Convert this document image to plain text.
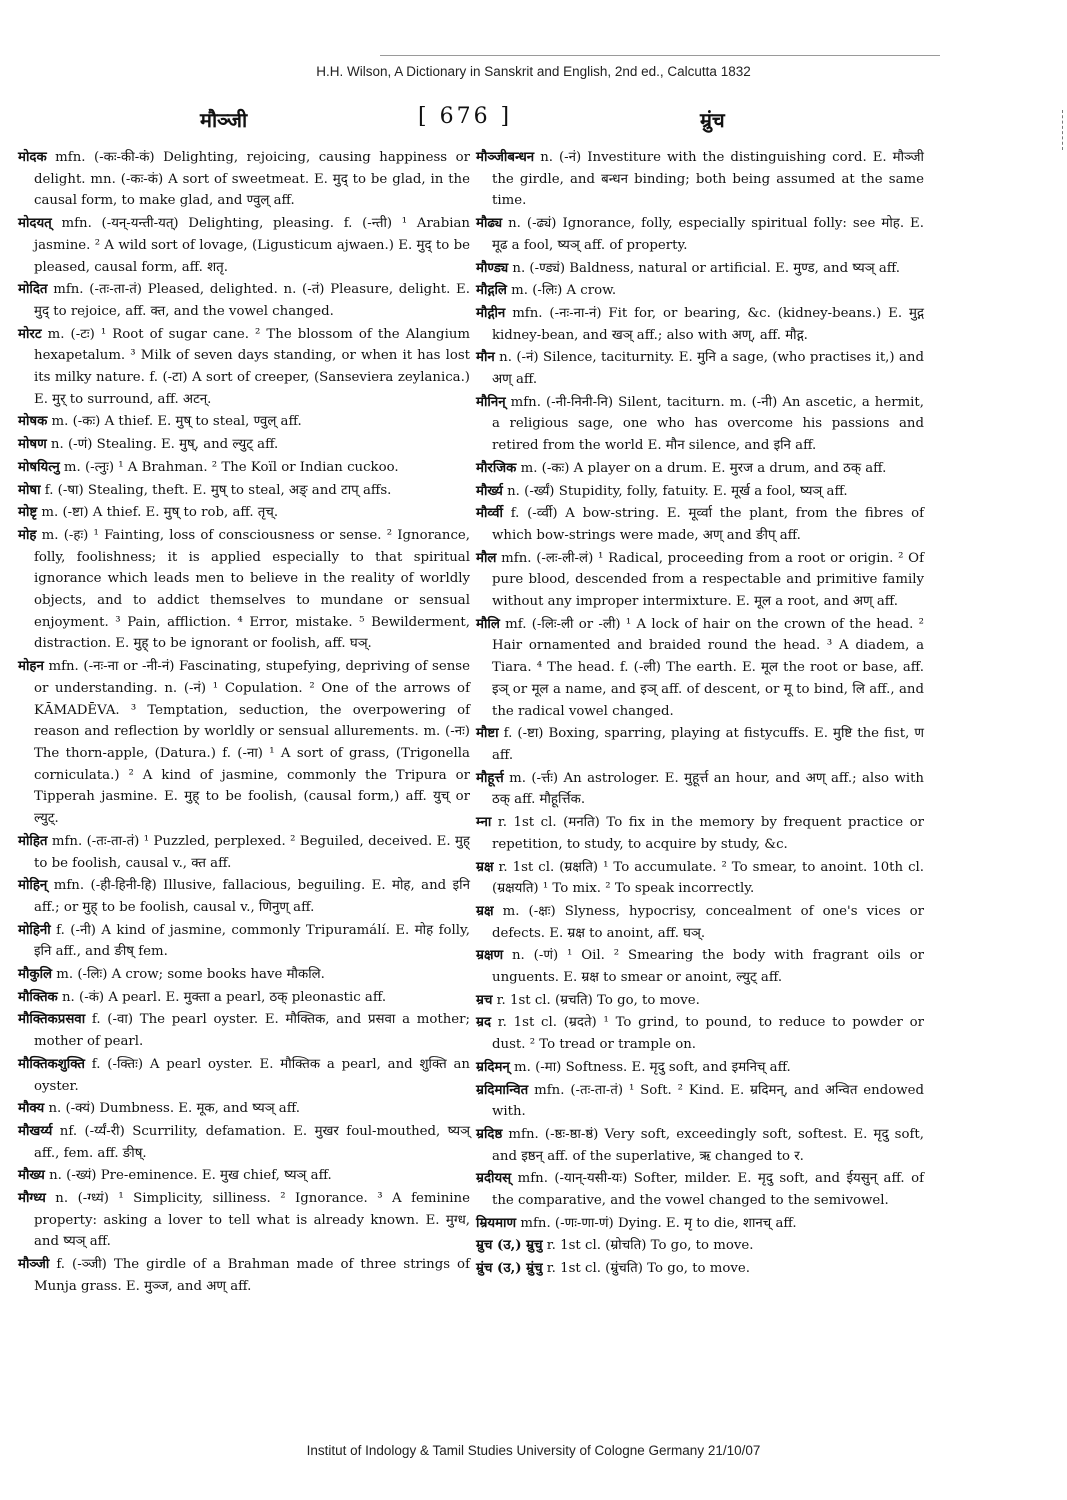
H.H. Wilson, A Dictionary in Sanskrit and English, 2nd ed., Calcutta 1832
मौञ्जी	[ 676 ]	म्रुंच

मोदक mfn. (-कः-की-कं) Delighting, rejoicing, causing happiness or delight. mn. (-कः-कं) A sort of sweetmeat. E. मुद् to be glad, in the causal form, to make glad, and ण्वुल् aff.

मोदयत् mfn. (-यन्-यन्ती-यत्) Delighting, pleasing. f. (-न्ती) ¹ Arabian jasmine. ² A wild sort of lovage, (Ligusticum ajwaen.) E. मुद् to be pleased, causal form, aff. शतृ.

मोदित mfn. (-तः-ता-तं) Pleased, delighted. n. (-तं) Pleasure, delight. E. मुद् to rejoice, aff. क्त, and the vowel changed.

मोरट m. (-टः) ¹ Root of sugar cane. ² The blossom of the Alangium hexapetalum. ³ Milk of seven days standing, or when it has lost its milky nature. f. (-टा) A sort of creeper, (Sanseviera zeylanica.) E. मुर् to surround, aff. अटन्.

मोषक m. (-कः) A thief. E. मुष् to steal, ण्वुल् aff.

मोषण n. (-णं) Stealing. E. मुष्, and ल्युट् aff.

मोषयित्नु m. (-त्नुः) ¹ A Brahman. ² The Koïl or Indian cuckoo.

मोषा f. (-षा) Stealing, theft. E. मुष् to steal, अङ् and टाप् affs.

मोष्टृ m. (-ष्टा) A thief. E. मुष् to rob, aff. तृच्.

मोह m. (-हः) ¹ Fainting, loss of consciousness or sense. ² Ignorance, folly, foolishness; it is applied especially to that spiritual ignorance which leads men to believe in the reality of worldly objects, and to addict themselves to mundane or sensual enjoyment. ³ Pain, affliction. ⁴ Error, mistake. ⁵ Bewilderment, distraction. E. मुह् to be ignorant or foolish, aff. घञ्.

मोहन mfn. (-नः-ना or -नी-नं) Fascinating, stupefying, depriving of sense or understanding. n. (-नं) ¹ Copulation. ² One of the arrows of KĀMADĒVA. ³ Temptation, seduction, the overpowering of reason and reflection by worldly or sensual allurements. m. (-नः) The thorn-apple, (Datura.) f. (-ना) ¹ A sort of grass, (Trigonella corniculata.) ² A kind of jasmine, commonly the Tripura or Tipperah jasmine. E. मुह् to be foolish, (causal form,) aff. युच् or ल्युट्.

मोहित mfn. (-तः-ता-तं) ¹ Puzzled, perplexed. ² Beguiled, deceived. E. मुह् to be foolish, causal v., क्त aff.

मोहिन् mfn. (-ही-हिनी-हि) Illusive, fallacious, beguiling. E. मोह, and इनि aff.; or मुह् to be foolish, causal v., णिनुण् aff.

मोहिनी f. (-नी) A kind of jasmine, commonly Tripuramálí. E. मोह folly, इनि aff., and ङीष् fem.

मौकुलि m. (-लिः) A crow; some books have मौकलि.

मौक्तिक n. (-कं) A pearl. E. मुक्ता a pearl, ठक् pleonastic aff.

मौक्तिकप्रसवा f. (-वा) The pearl oyster. E. मौक्तिक, and प्रसवा a mother; mother of pearl.

मौक्तिकशुक्ति f. (-क्तिः) A pearl oyster. E. मौक्तिक a pearl, and शुक्ति an oyster.

मौक्य n. (-क्यं) Dumbness. E. मूक, and ष्यञ् aff.

मौखर्य्य nf. (-र्य्यं-री) Scurrility, defamation. E. मुखर foul-mouthed, ष्यञ् aff., fem. aff. ङीष्.

मौख्य n. (-ख्यं) Pre-eminence. E. मुख chief, ष्यञ् aff.

मौग्ध्य n. (-ग्ध्यं) ¹ Simplicity, silliness. ² Ignorance. ³ A feminine property: asking a lover to tell what is already known. E. मुग्ध, and ष्यञ् aff.

मौञ्जी f. (-ञ्जी) The girdle of a Brahman made of three strings of Munja grass. E. मुञ्ज, and अण् aff.

मौञ्जीबन्धन n. (-नं) Investiture with the distinguishing cord. E. मौञ्जी the girdle, and बन्धन binding; both being assumed at the same time.

मौढ्य n. (-ढ्यं) Ignorance, folly, especially spiritual folly: see मोह. E. मूढ a fool, ष्यञ् aff. of property.

मौण्ड्य n. (-ण्ड्यं) Baldness, natural or artificial. E. मुण्ड, and ष्यञ् aff.

मौद्गलि m. (-लिः) A crow.

मौद्गीन mfn. (-नः-ना-नं) Fit for, or bearing, &c. (kidney-beans.) E. मुद्ग kidney-bean, and खञ् aff.; also with अण्, aff. मौद्ग.

मौन n. (-नं) Silence, taciturnity. E. मुनि a sage, (who practises it,) and अण् aff.

मौनिन् mfn. (-नी-निनी-नि) Silent, taciturn. m. (-नी) An ascetic, a hermit, a religious sage, one who has overcome his passions and retired from the world E. मौन silence, and इनि aff.

मौरजिक m. (-कः) A player on a drum. E. मुरज a drum, and ठक् aff.

मौर्ख्य n. (-र्ख्यं) Stupidity, folly, fatuity. E. मूर्ख a fool, ष्यञ् aff.

मौर्व्वी f. (-र्व्वी) A bow-string. E. मूर्व्वा the plant, from the fibres of which bow-strings were made, अण् and ङीप् aff.

मौल mfn. (-लः-ली-लं) ¹ Radical, proceeding from a root or origin. ² Of pure blood, descended from a respectable and primitive family without any improper intermixture. E. मूल a root, and अण् aff.

मौलि mf. (-लिः-ली or -ली) ¹ A lock of hair on the crown of the head. ² Hair ornamented and braided round the head. ³ A diadem, a Tiara. ⁴ The head. f. (-ली) The earth. E. मूल the root or base, aff. इञ् or मूल a name, and इञ् aff. of descent, or मू to bind, लि aff., and the radical vowel changed.

मौष्टा f. (-ष्टा) Boxing, sparring, playing at fistycuffs. E. मुष्टि the fist, ण aff.

मौहूर्त्त m. (-र्त्तः) An astrologer. E. मुहूर्त्त an hour, and अण् aff.; also with ठक् aff. मौहूर्त्तिक.

म्ना r. 1st cl. (मनति) To fix in the memory by frequent practice or repetition, to study, to acquire by study, &c.

म्रक्ष r. 1st cl. (म्रक्षति) ¹ To accumulate. ² To smear, to anoint. 10th cl. (म्रक्षयति) ¹ To mix. ² To speak incorrectly.

म्रक्ष m. (-क्षः) Slyness, hypocrisy, concealment of one's vices or defects. E. म्रक्ष to anoint, aff. घञ्.

म्रक्षण n. (-णं) ¹ Oil. ² Smearing the body with fragrant oils or unguents. E. म्रक्ष to smear or anoint, ल्युट् aff.

म्रच r. 1st cl. (म्रचति) To go, to move.

म्रद r. 1st cl. (म्रदते) ¹ To grind, to pound, to reduce to powder or dust. ² To tread or trample on.

म्रदिमन् m. (-मा) Softness. E. मृदु soft, and इमनिच् aff.

म्रदिमान्वित mfn. (-तः-ता-तं) ¹ Soft. ² Kind. E. म्रदिमन्, and अन्वित endowed with.

म्रदिष्ठ mfn. (-ष्ठः-ष्ठा-ष्ठं) Very soft, exceedingly soft, softest. E. मृदु soft, and इष्ठन् aff. of the superlative, ऋ changed to र.

म्रदीयस् mfn. (-यान्-यसी-यः) Softer, milder. E. मृदु soft, and ईयसुन् aff. of the comparative, and the vowel changed to the semivowel.

म्रियमाण mfn. (-णः-णा-णं) Dying. E. मृ to die, शानच् aff.

म्रुच (उ,) म्रुचु r. 1st cl. (म्रोचति) To go, to move.

म्रुंच (उ,) म्रुंचु r. 1st cl. (म्रुंचति) To go, to move.

Institut of Indology & Tamil Studies University of Cologne Germany 21/10/07
